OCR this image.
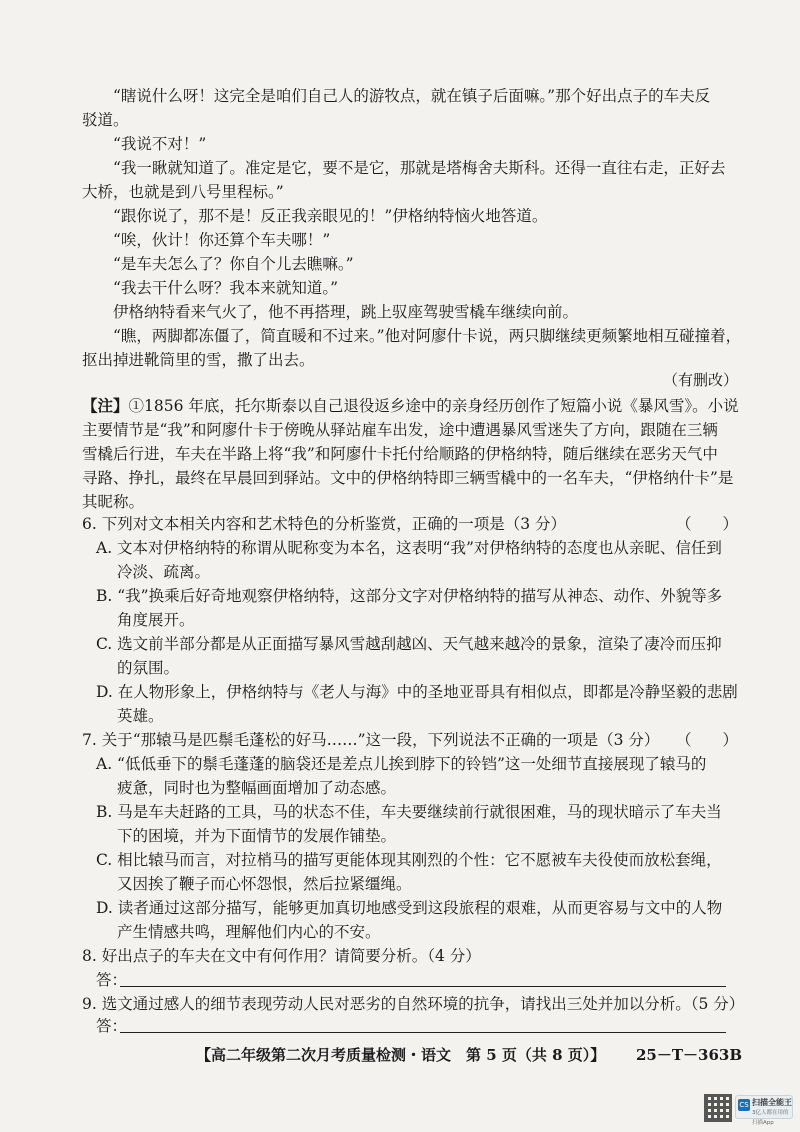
“瞎说什么呀！这完全是咱们自己人的游牧点，就在镇子后面嘛。”那个好出点子的车夫反
驳道。
“我说不对！”
“我一瞅就知道了。准定是它，要不是它，那就是塔梅舍夫斯科。还得一直往右走，正好去
大桥，也就是到八号里程标。”
“跟你说了，那不是！反正我亲眼见的！”伊格纳特恼火地答道。
“唉，伙计！你还算个车夫哪！”
“是车夫怎么了？你自个儿去瞧嘛。”
“我去干什么呀？我本来就知道。”
伊格纳特看来气火了，他不再搭理，跳上驭座驾驶雪橇车继续向前。
“瞧，两脚都冻僵了，简直暖和不过来。”他对阿廖什卡说，两只脚继续更频繁地相互碰撞着，
抠出掉进靴筒里的雪，撒了出去。
（有删改）
【注】①1856 年底，托尔斯泰以自己退役返乡途中的亲身经历创作了短篇小说《暴风雪》。小说
主要情节是“我”和阿廖什卡于傍晚从驿站雇车出发，途中遭遇暴风雪迷失了方向，跟随在三辆
雪橇后行进，车夫在半路上将“我”和阿廖什卡托付给顺路的伊格纳特，随后继续在恶劣天气中
寻路、挣扎，最终在早晨回到驿站。文中的伊格纳特即三辆雪橇中的一名车夫，“伊格纳什卡”是
其昵称。
6. 下列对文本相关内容和艺术特色的分析鉴赏，正确的一项是（3 分）	（　　）
A. 文本对伊格纳特的称谓从昵称变为本名，这表明“我”对伊格纳特的态度也从亲昵、信任到
冷淡、疏离。
B. “我”换乘后好奇地观察伊格纳特，这部分文字对伊格纳特的描写从神态、动作、外貌等多
角度展开。
C. 选文前半部分都是从正面描写暴风雪越刮越凶、天气越来越冷的景象，渲染了凄冷而压抑
的氛围。
D. 在人物形象上，伊格纳特与《老人与海》中的圣地亚哥具有相似点，即都是冷静坚毅的悲剧
英雄。
7. 关于“那辕马是匹鬃毛蓬松的好马……”这一段，下列说法不正确的一项是（3 分） （　　）
A. “低低垂下的鬃毛蓬蓬的脑袋还是差点儿挨到脖下的铃铛”这一处细节直接展现了辕马的
疲惫，同时也为整幅画面增加了动态感。
B. 马是车夫赶路的工具，马的状态不佳，车夫要继续前行就很困难，马的现状暗示了车夫当
下的困境，并为下面情节的发展作铺垫。
C. 相比辕马而言，对拉梢马的描写更能体现其刚烈的个性：它不愿被车夫役使而放松套绳，
又因挨了鞭子而心怀怨恨，然后拉紧缰绳。
D. 读者通过这部分描写，能够更加真切地感受到这段旅程的艰难，从而更容易与文中的人物
产生情感共鸣，理解他们内心的不安。
8. 好出点子的车夫在文中有何作用？请简要分析。（4 分）
答：
9. 选文通过感人的细节表现劳动人民对恶劣的自然环境的抗争，请找出三处并加以分析。（5 分）
答：
【高二年级第二次月考质量检测・语文　第 5 页（共 8 页）】 25－T－363B
CS 扫描全能王
3亿人都在用的扫描App
